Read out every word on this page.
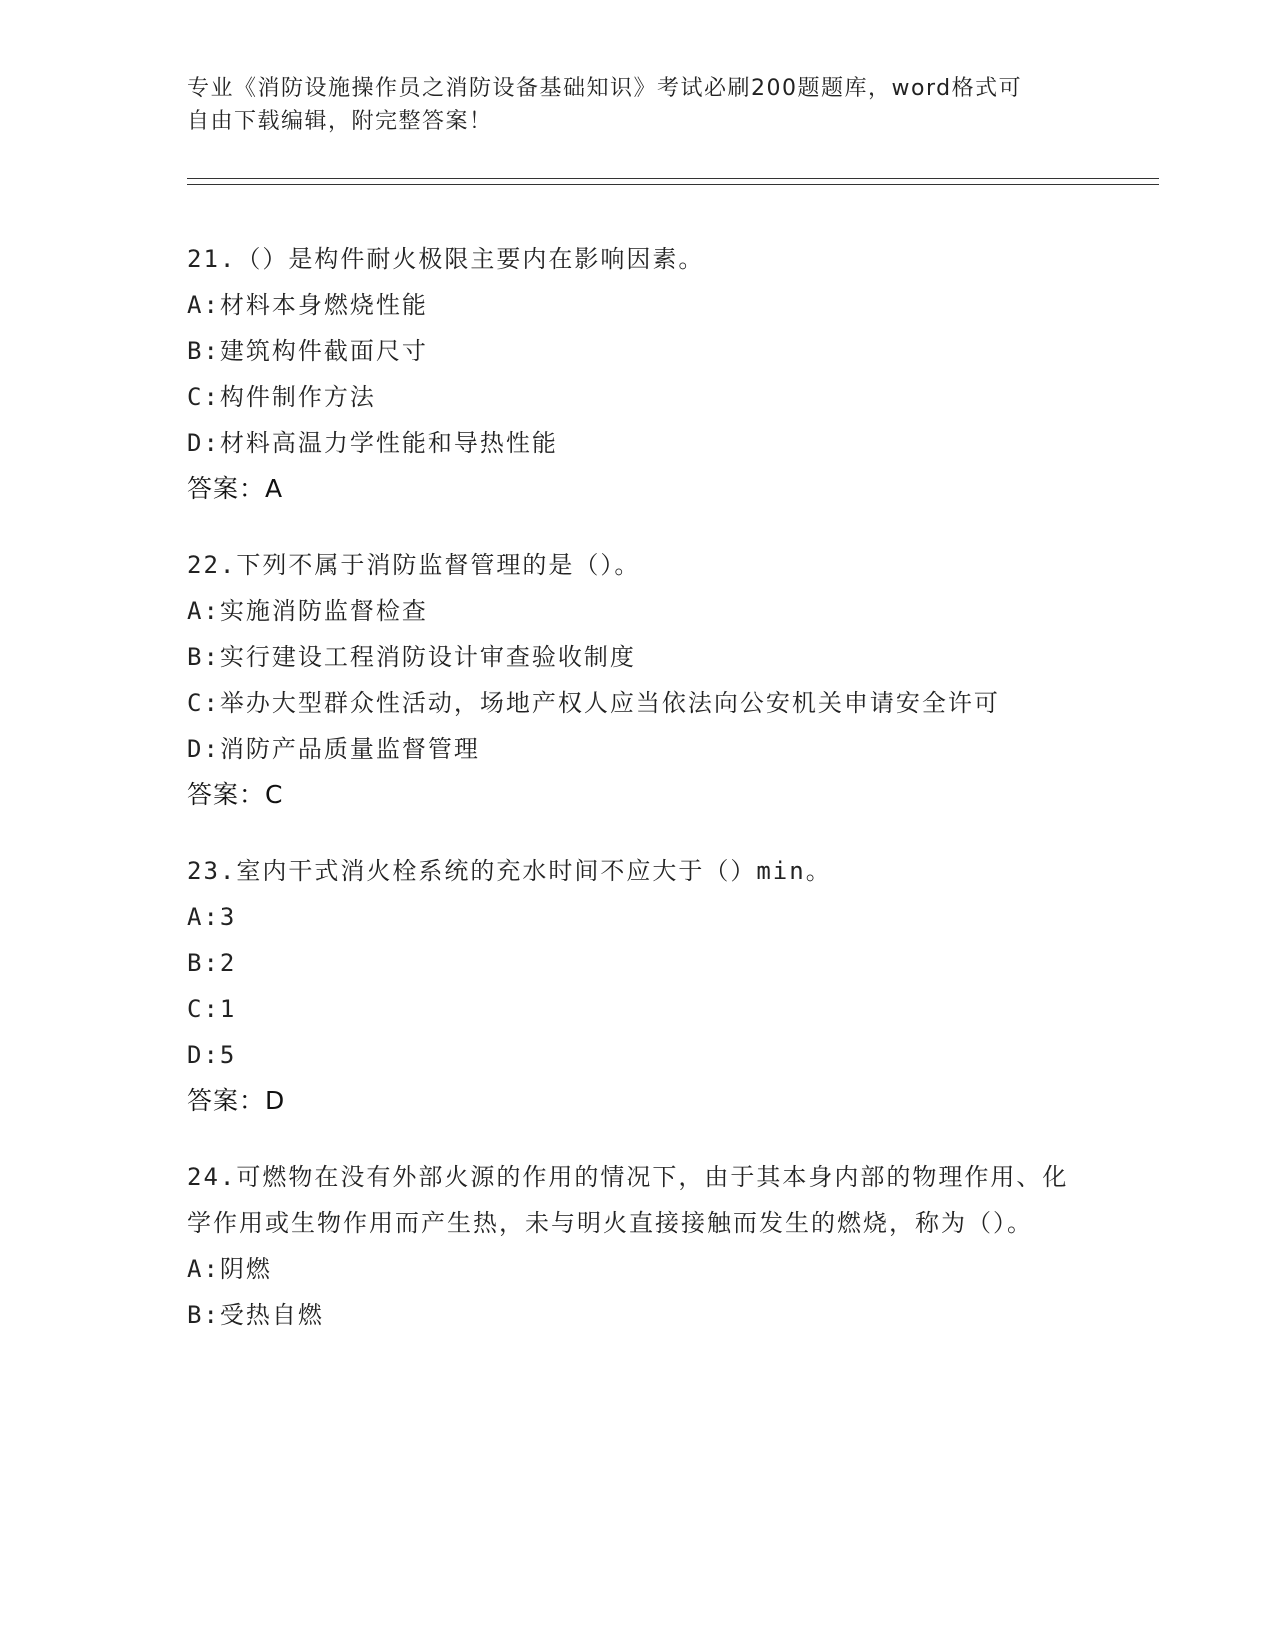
专业《消防设施操作员之消防设备基础知识》考试必刷200题题库，word格式可
自由下载编辑，附完整答案！
21.（）是构件耐火极限主要内在影响因素。
A: 材料本身燃烧性能
B: 建筑构件截面尺寸
C: 构件制作方法
D: 材料高温力学性能和导热性能
答案：A
22.下列不属于消防监督管理的是（）。
A: 实施消防监督检查
B: 实行建设工程消防设计审查验收制度
C:举办大型群众性活动，场地产权人应当依法向公安机关申请安全许可
D: 消防产品质量监督管理
答案：C
23.室内干式消火栓系统的充水时间不应大于（）min。
A: 3
B: 2
C: 1
D: 5
答案：D
24.可燃物在没有外部火源的作用的情况下，由于其本身内部的物理作用、化学作用或生物作用而产生热，未与明火直接接触而发生的燃烧，称为（）。
A: 阴燃
B: 受热自燃
